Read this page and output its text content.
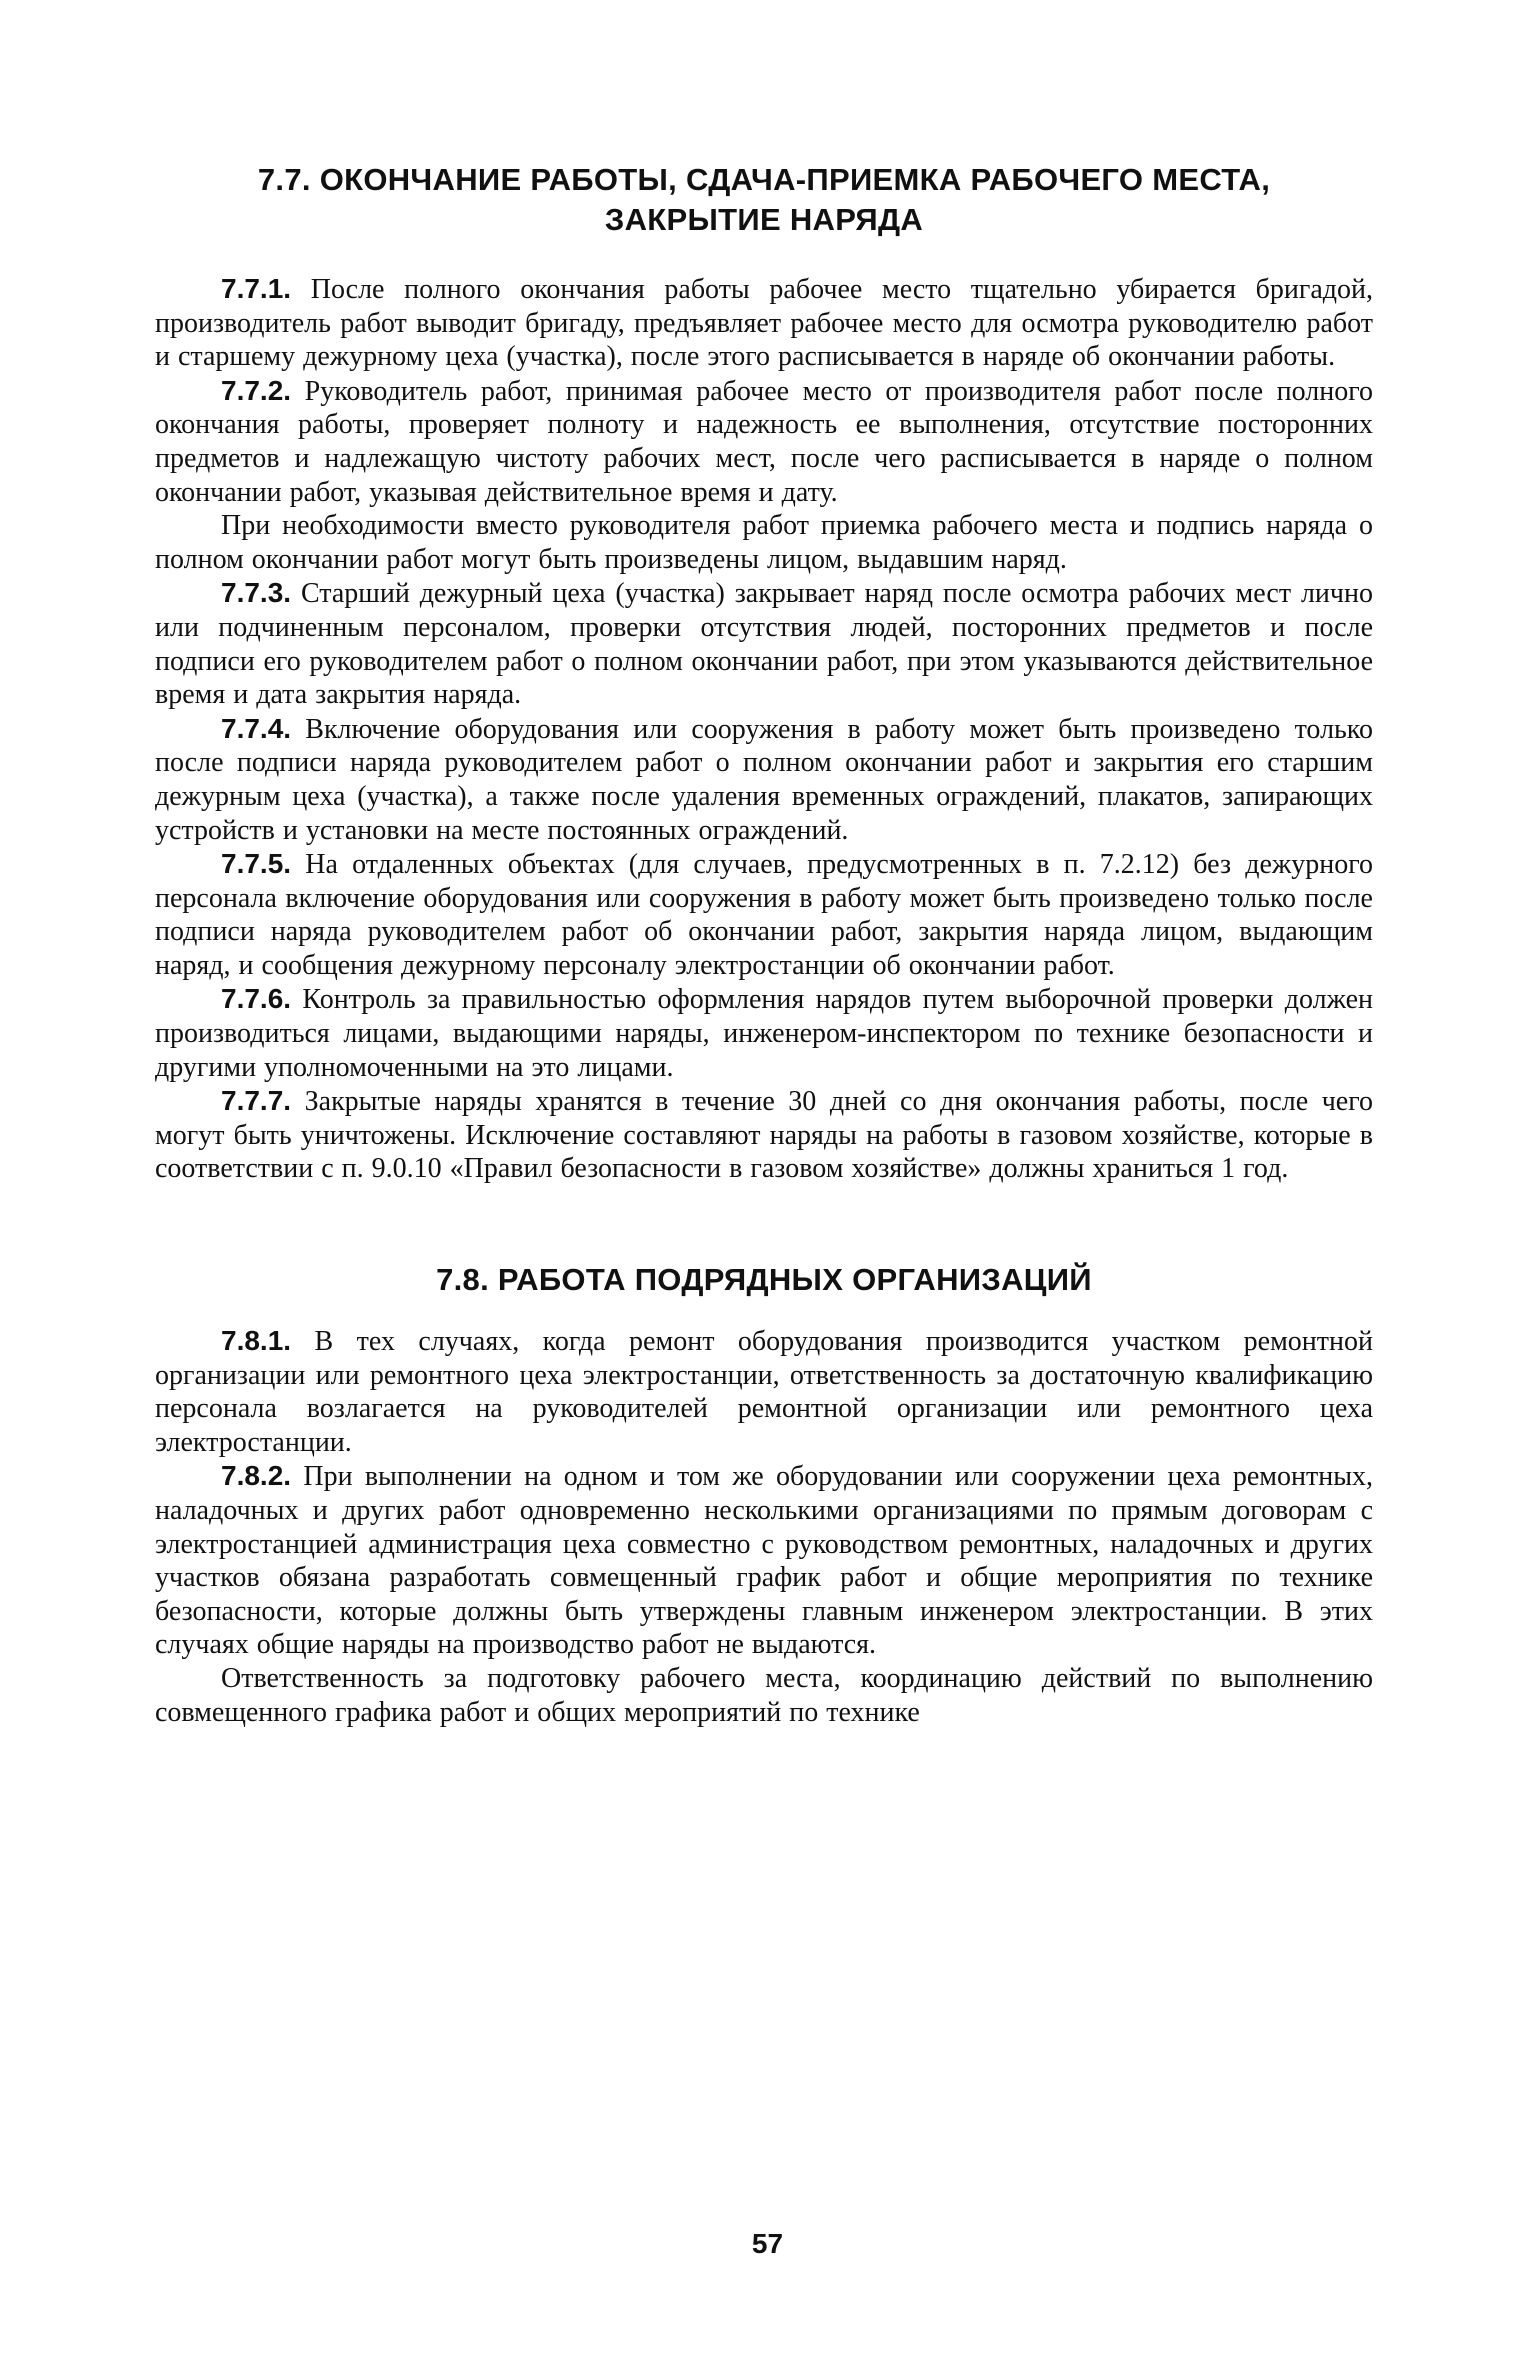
7.7. ОКОНЧАНИЕ РАБОТЫ, СДАЧА-ПРИЕМКА РАБОЧЕГО МЕСТА,
ЗАКРЫТИЕ НАРЯДА

7.7.1. После полного окончания работы рабочее место тщательно убирается бригадой, производитель работ выводит бригаду, предъявляет рабочее место для осмотра руководителю работ и старшему дежурному цеха (участка), после этого расписывается в наряде об окончании работы.

7.7.2. Руководитель работ, принимая рабочее место от производителя работ после полного окончания работы, проверяет полноту и надежность ее выполнения, отсутствие посторонних предметов и надлежащую чистоту рабочих мест, после чего расписывается в наряде о полном окончании работ, указывая действительное время и дату.

При необходимости вместо руководителя работ приемка рабочего места и подпись наряда о полном окончании работ могут быть произведены лицом, выдавшим наряд.

7.7.3. Старший дежурный цеха (участка) закрывает наряд после осмотра рабочих мест лично или подчиненным персоналом, проверки отсутствия людей, посторонних предметов и после подписи его руководителем работ о полном окончании работ, при этом указываются действительное время и дата закрытия наряда.

7.7.4. Включение оборудования или сооружения в работу может быть произведено только после подписи наряда руководителем работ о полном окончании работ и закрытия его старшим дежурным цеха (участка), а также после удаления временных ограждений, плакатов, запирающих устройств и установки на месте постоянных ограждений.

7.7.5. На отдаленных объектах (для случаев, предусмотренных в п. 7.2.12) без дежурного персонала включение оборудования или сооружения в работу может быть произведено только после подписи наряда руководителем работ об окончании работ, закрытия наряда лицом, выдающим наряд, и сообщения дежурному персоналу электростанции об окончании работ.

7.7.6. Контроль за правильностью оформления нарядов путем выборочной проверки должен производиться лицами, выдающими наряды, инженером-инспектором по технике безопасности и другими уполномоченными на это лицами.

7.7.7. Закрытые наряды хранятся в течение 30 дней со дня окончания работы, после чего могут быть уничтожены. Исключение составляют наряды на работы в газовом хозяйстве, которые в соответствии с п. 9.0.10 «Правил безопасности в газовом хозяйстве» должны храниться 1 год.

7.8. РАБОТА ПОДРЯДНЫХ ОРГАНИЗАЦИЙ

7.8.1. В тех случаях, когда ремонт оборудования производится участком ремонтной организации или ремонтного цеха электростанции, ответственность за достаточную квалификацию персонала возлагается на руководителей ремонтной организации или ремонтного цеха электростанции.

7.8.2. При выполнении на одном и том же оборудовании или сооружении цеха ремонтных, наладочных и других работ одновременно несколькими организациями по прямым договорам с электростанцией администрация цеха совместно с руководством ремонтных, наладочных и других участков обязана разработать совмещенный график работ и общие мероприятия по технике безопасности, которые должны быть утверждены главным инженером электростанции. В этих случаях общие наряды на производство работ не выдаются.

Ответственность за подготовку рабочего места, координацию действий по выполнению совмещенного графика работ и общих мероприятий по технике

57
